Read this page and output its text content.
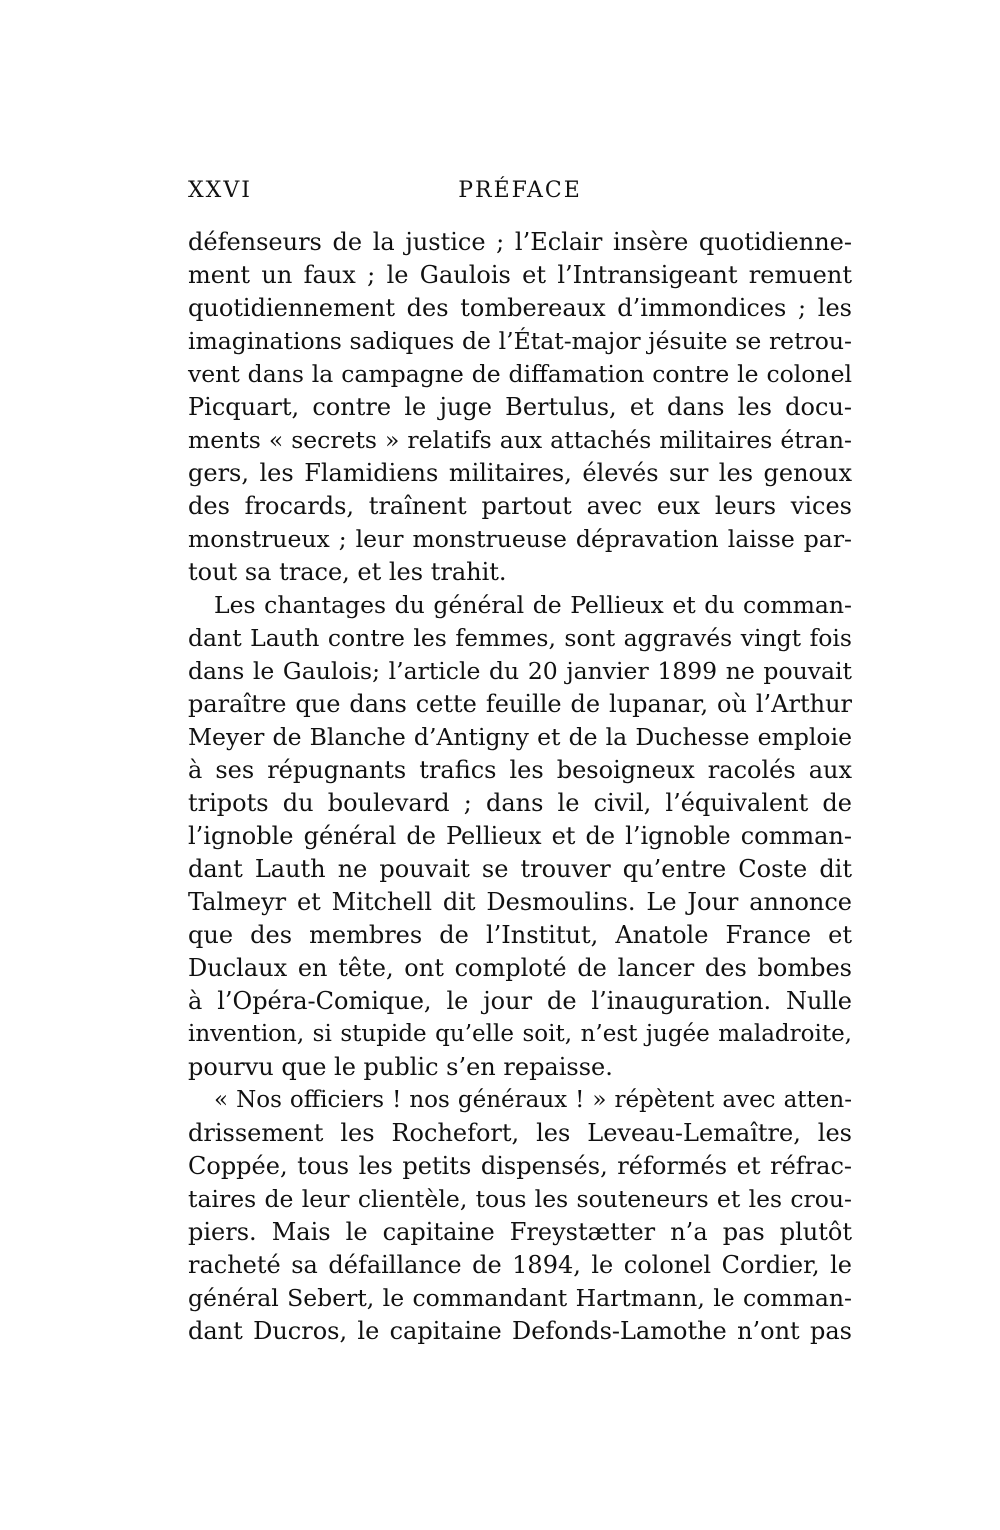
XXVI	PRÉFACE
défenseurs de la justice ; l’Eclair insère quotidienne-
ment un faux ; le Gaulois et l’Intransigeant remuent
quotidiennement des tombereaux d’immondices ; les
imaginations sadiques de l’État-major jésuite se retrou-
vent dans la campagne de diffamation contre le colonel
Picquart, contre le juge Bertulus, et dans les docu-
ments « secrets » relatifs aux attachés militaires étran-
gers, les Flamidiens militaires, élevés sur les genoux
des frocards, traînent partout avec eux leurs vices
monstrueux ; leur monstrueuse dépravation laisse par-
tout sa trace, et les trahit.
Les chantages du général de Pellieux et du comman-
dant Lauth contre les femmes, sont aggravés vingt fois
dans le Gaulois; l’article du 20 janvier 1899 ne pouvait
paraître que dans cette feuille de lupanar, où l’Arthur
Meyer de Blanche d’Antigny et de la Duchesse emploie
à ses répugnants trafics les besoigneux racolés aux
tripots du boulevard ; dans le civil, l’équivalent de
l’ignoble général de Pellieux et de l’ignoble comman-
dant Lauth ne pouvait se trouver qu’entre Coste dit
Talmeyr et Mitchell dit Desmoulins. Le Jour annonce
que des membres de l’Institut, Anatole France et
Duclaux en tête, ont comploté de lancer des bombes
à l’Opéra-Comique, le jour de l’inauguration. Nulle
invention, si stupide qu’elle soit, n’est jugée maladroite,
pourvu que le public s’en repaisse.
« Nos officiers ! nos généraux ! » répètent avec atten-
drissement les Rochefort, les Leveau-Lemaître, les
Coppée, tous les petits dispensés, réformés et réfrac-
taires de leur clientèle, tous les souteneurs et les crou-
piers. Mais le capitaine Freystætter n’a pas plutôt
racheté sa défaillance de 1894, le colonel Cordier, le
général Sebert, le commandant Hartmann, le comman-
dant Ducros, le capitaine Defonds-Lamothe n’ont pas
